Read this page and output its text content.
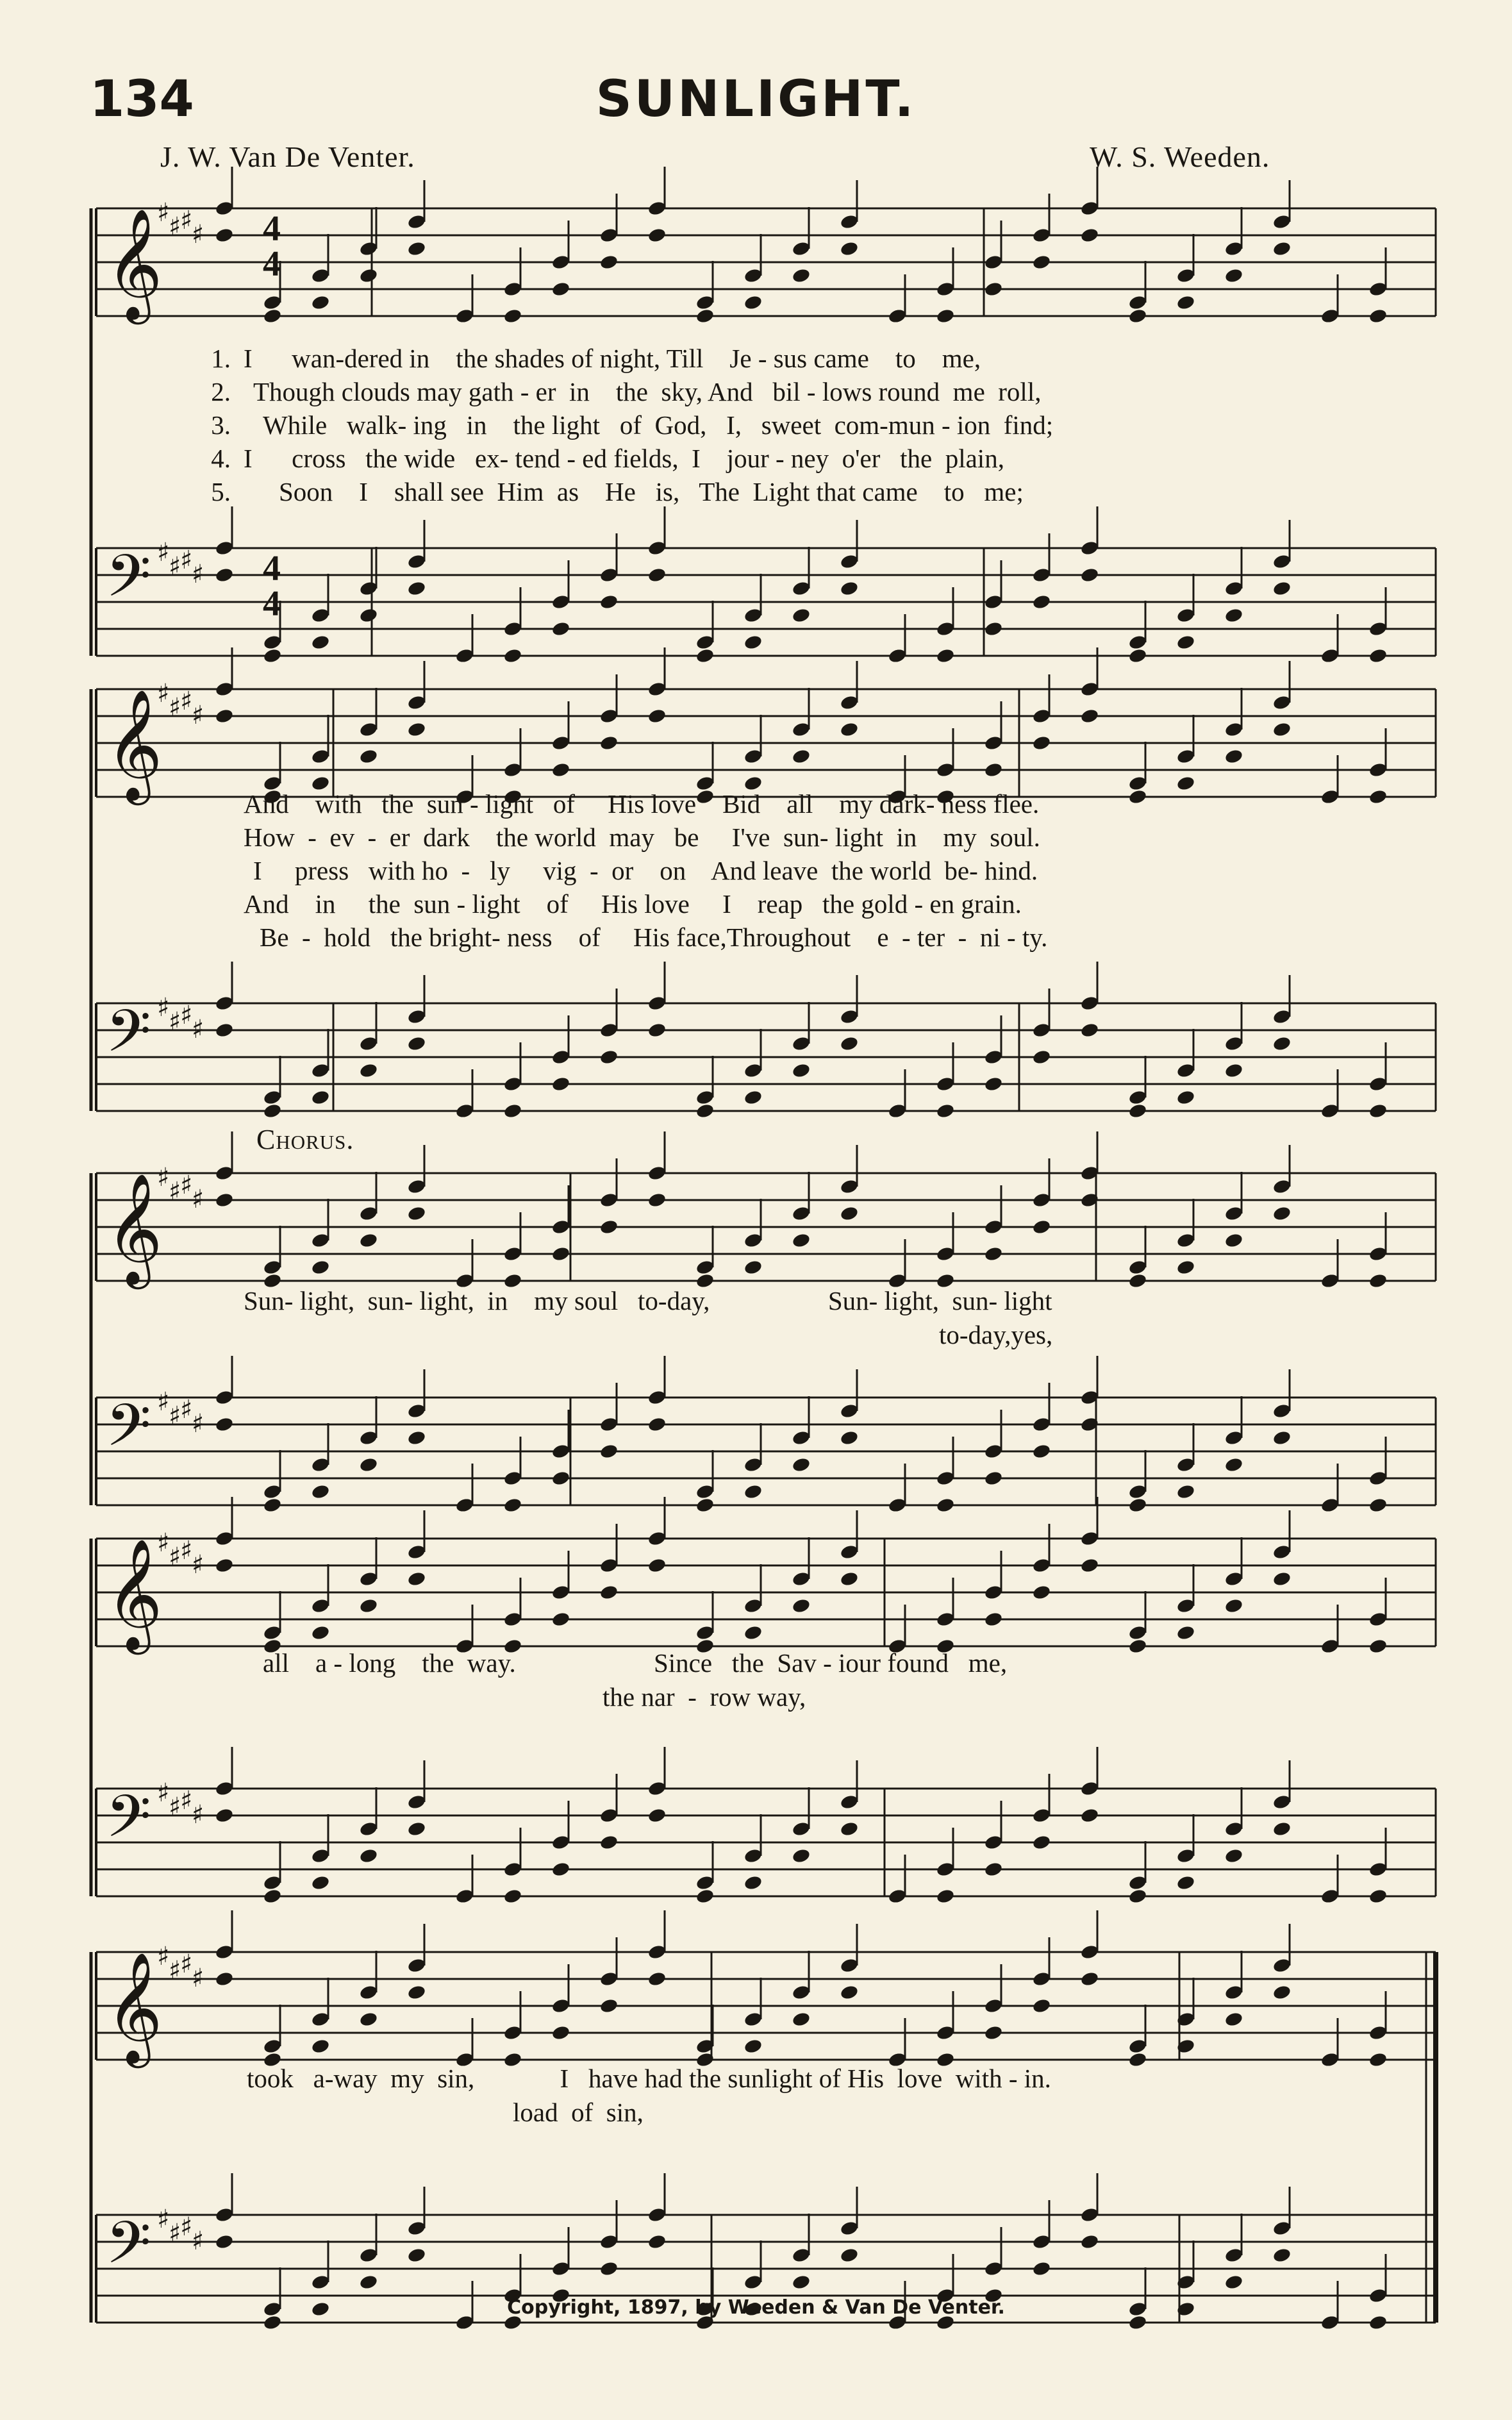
134	SUNLIGHT.
J. W. Van De Venter.	W. S. Weeden.
𝄞
♯
♯
♯
♯
𝄢 ♯
♯
♯
♯
𝄞
♯
♯
♯
♯
𝄢 ♯
♯
♯
♯
𝄞
♯
♯
♯
♯
𝄢 ♯
♯
♯
♯
𝄞
♯
♯
♯
♯
𝄢 ♯
♯
♯
♯
𝄞
♯
♯
♯
♯
𝄢 ♯
♯
♯
♯
4
4
4
4
1. I      wan-dered in    the shades of night, Till    Je - sus came    to    me,
2. Though clouds may gath - er  in    the  sky, And   bil - lows round  me  roll,
3. While   walk- ing   in    the light   of  God,   I,   sweet  com-mun - ion  find;
4. I      cross   the wide   ex- tend - ed fields,  I    jour - ney  o'er   the  plain,
5. Soon    I    shall see  Him  as    He   is,   The  Light that came    to   me;
And    with   the  sun - light   of     His love    Bid    all    my dark- ness flee.
How  -  ev  -  er  dark    the world  may   be     I've  sun- light  in    my  soul.
I     press   with ho  -   ly     vig  -  or    on    And leave  the world  be- hind.
And    in     the  sun - light    of     His love     I    reap   the gold - en grain.
Be  -  hold   the bright- ness    of     His face,Throughout    e  - ter  -  ni - ty.
Chorus.
Sun- light,  sun- light,  in    my soul   to-day,                  Sun- light,  sun- light
to-day,yes,
all    a - long    the  way.                     Since   the  Sav - iour found   me,
the nar  -  row way,
took   a-way  my  sin,             I   have had the sunlight of His  love  with - in.
load  of  sin,
Copyright, 1897, by Weeden & Van De Venter.
